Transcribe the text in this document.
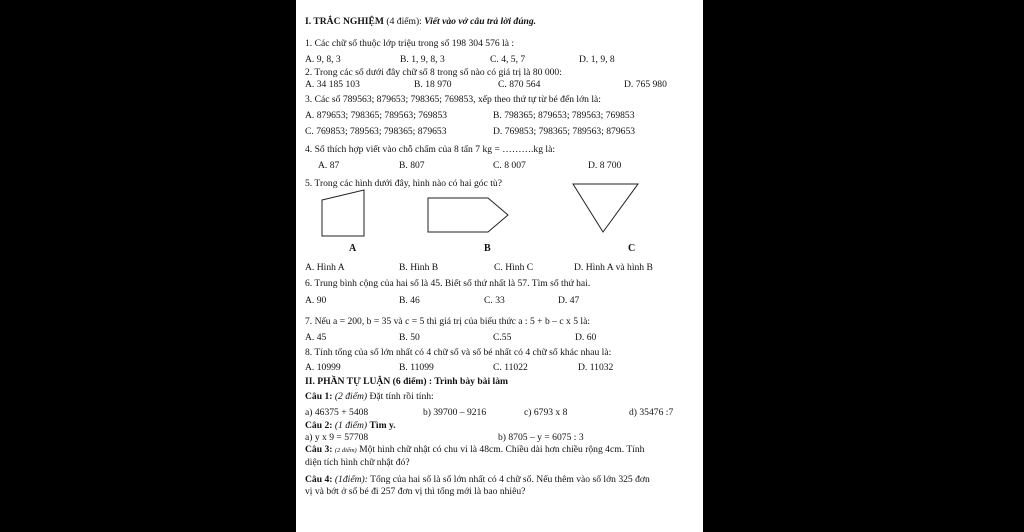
I. TRẮC NGHIỆM (4 điểm): Viết vào vở câu trả lời đúng.
1. Các chữ số thuộc lớp triệu trong số 198 304 576 là :
A. 9, 8, 3	B. 1, 9, 8, 3	C. 4, 5, 7	D. 1, 9, 8
2. Trong các số dưới đây chữ số 8 trong số nào có giá trị là 80 000:
A. 34 185 103	B. 18 970	C. 870 564	D. 765 980
3. Các số 789563; 879653; 798365; 769853, xếp theo thứ tự từ bé đến lớn là:
A. 879653; 798365; 789563; 769853	B. 798365; 879653; 789563; 769853
C. 769853; 789563; 798365; 879653	D. 769853; 798365; 789563; 879653
4. Số thích hợp viết vào chỗ chấm của 8 tấn 7 kg = ……….kg là:
A. 87	B. 807	C. 8 007	D. 8 700
5. Trong các hình dưới đây, hình nào có hai góc tù?
A	B	C
A. Hình A	B. Hình B	C. Hình C	D. Hình A và hình B
6. Trung bình cộng của hai số là 45. Biết số thứ nhất là 57. Tìm số thứ hai.
A. 90	B. 46	C. 33	D. 47
7. Nếu a = 200, b = 35 và c = 5 thì giá trị của biểu thức a : 5 + b – c x 5 là:
A. 45	B. 50	C.55	D. 60
8. Tính tổng của số lớn nhất có 4 chữ số và số bé nhất có 4 chữ số khác nhau là:
A. 10999	B. 11099	C. 11022	D. 11032
II. PHẦN TỰ LUẬN (6 điểm) : Trình bày bài làm
Câu 1: (2 điểm) Đặt tính rồi tính:
a) 46375 + 5408	b) 39700 – 9216	c) 6793 x 8	d) 35476 :7
Câu 2: (1 điểm) Tìm y.
a) y x 9 = 57708	b) 8705 – y = 6075 : 3
Câu 3: (2 điểm) Một hình chữ nhật có chu vi là 48cm. Chiều dài hơn chiều rộng 4cm. Tính
diện tích hình chữ nhật đó?
Câu 4: (1điểm): Tổng của hai số là số lớn nhất có 4 chữ số. Nếu thêm vào số lớn 325 đơn
vị và bớt ở số bé đi 257 đơn vị thì tổng mới là bao nhiêu?
